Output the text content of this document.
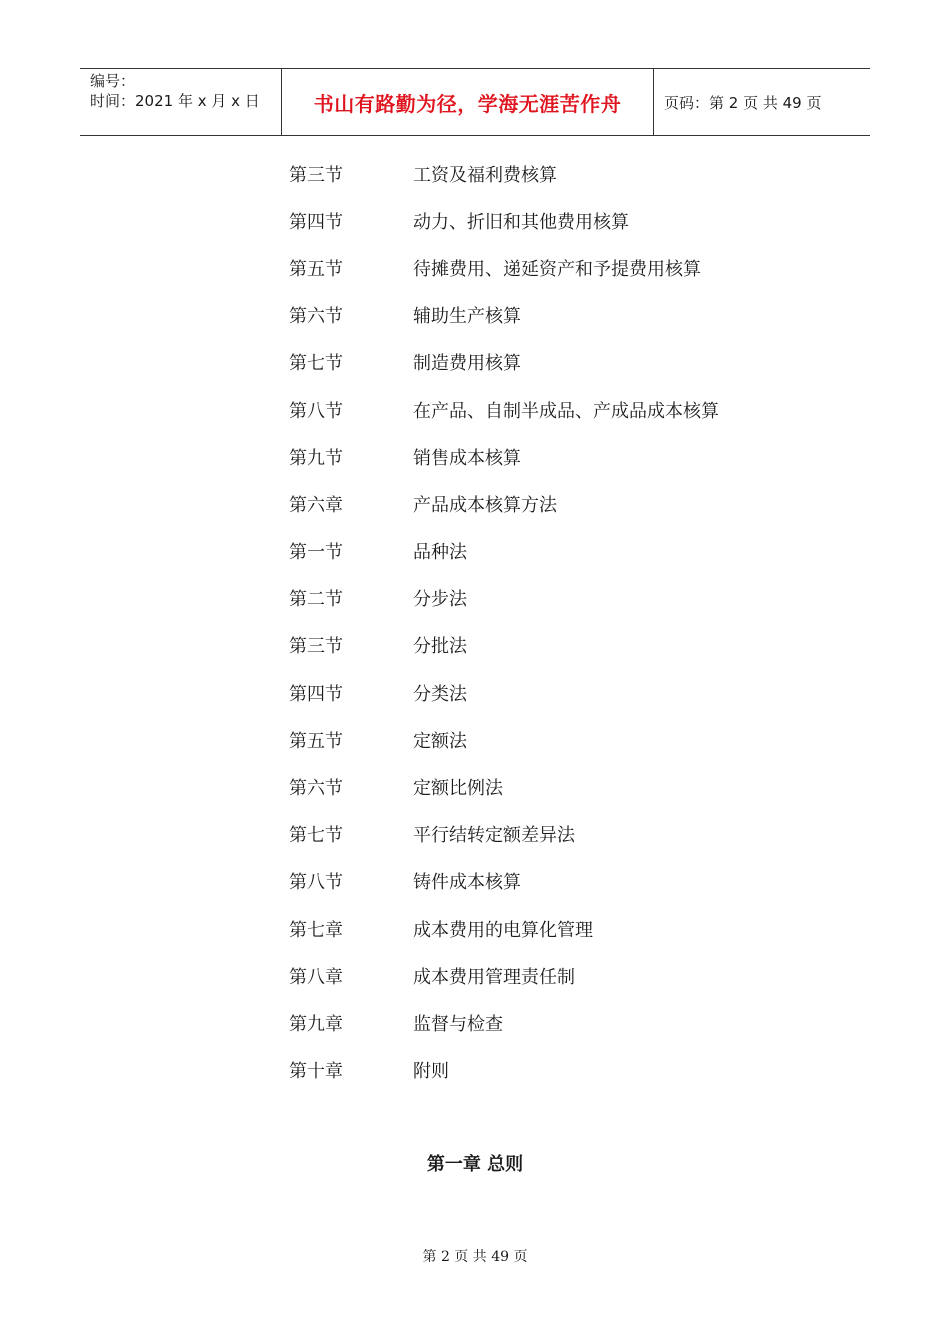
编号：
时间：2021 年 x 月 x 日	书山有路勤为径，学海无涯苦作舟	页码：第 2 页 共 49 页
第三节	工资及福利费核算
第四节	动力、折旧和其他费用核算
第五节	待摊费用、递延资产和予提费用核算
第六节	辅助生产核算
第七节	制造费用核算
第八节	在产品、自制半成品、产成品成本核算
第九节	销售成本核算
第六章	产品成本核算方法
第一节	品种法
第二节	分步法
第三节	分批法
第四节	分类法
第五节	定额法
第六节	定额比例法
第七节	平行结转定额差异法
第八节	铸件成本核算
第七章	成本费用的电算化管理
第八章	成本费用管理责任制
第九章	监督与检查
第十章	附则
第一章 总则
第 2 页 共 49 页
